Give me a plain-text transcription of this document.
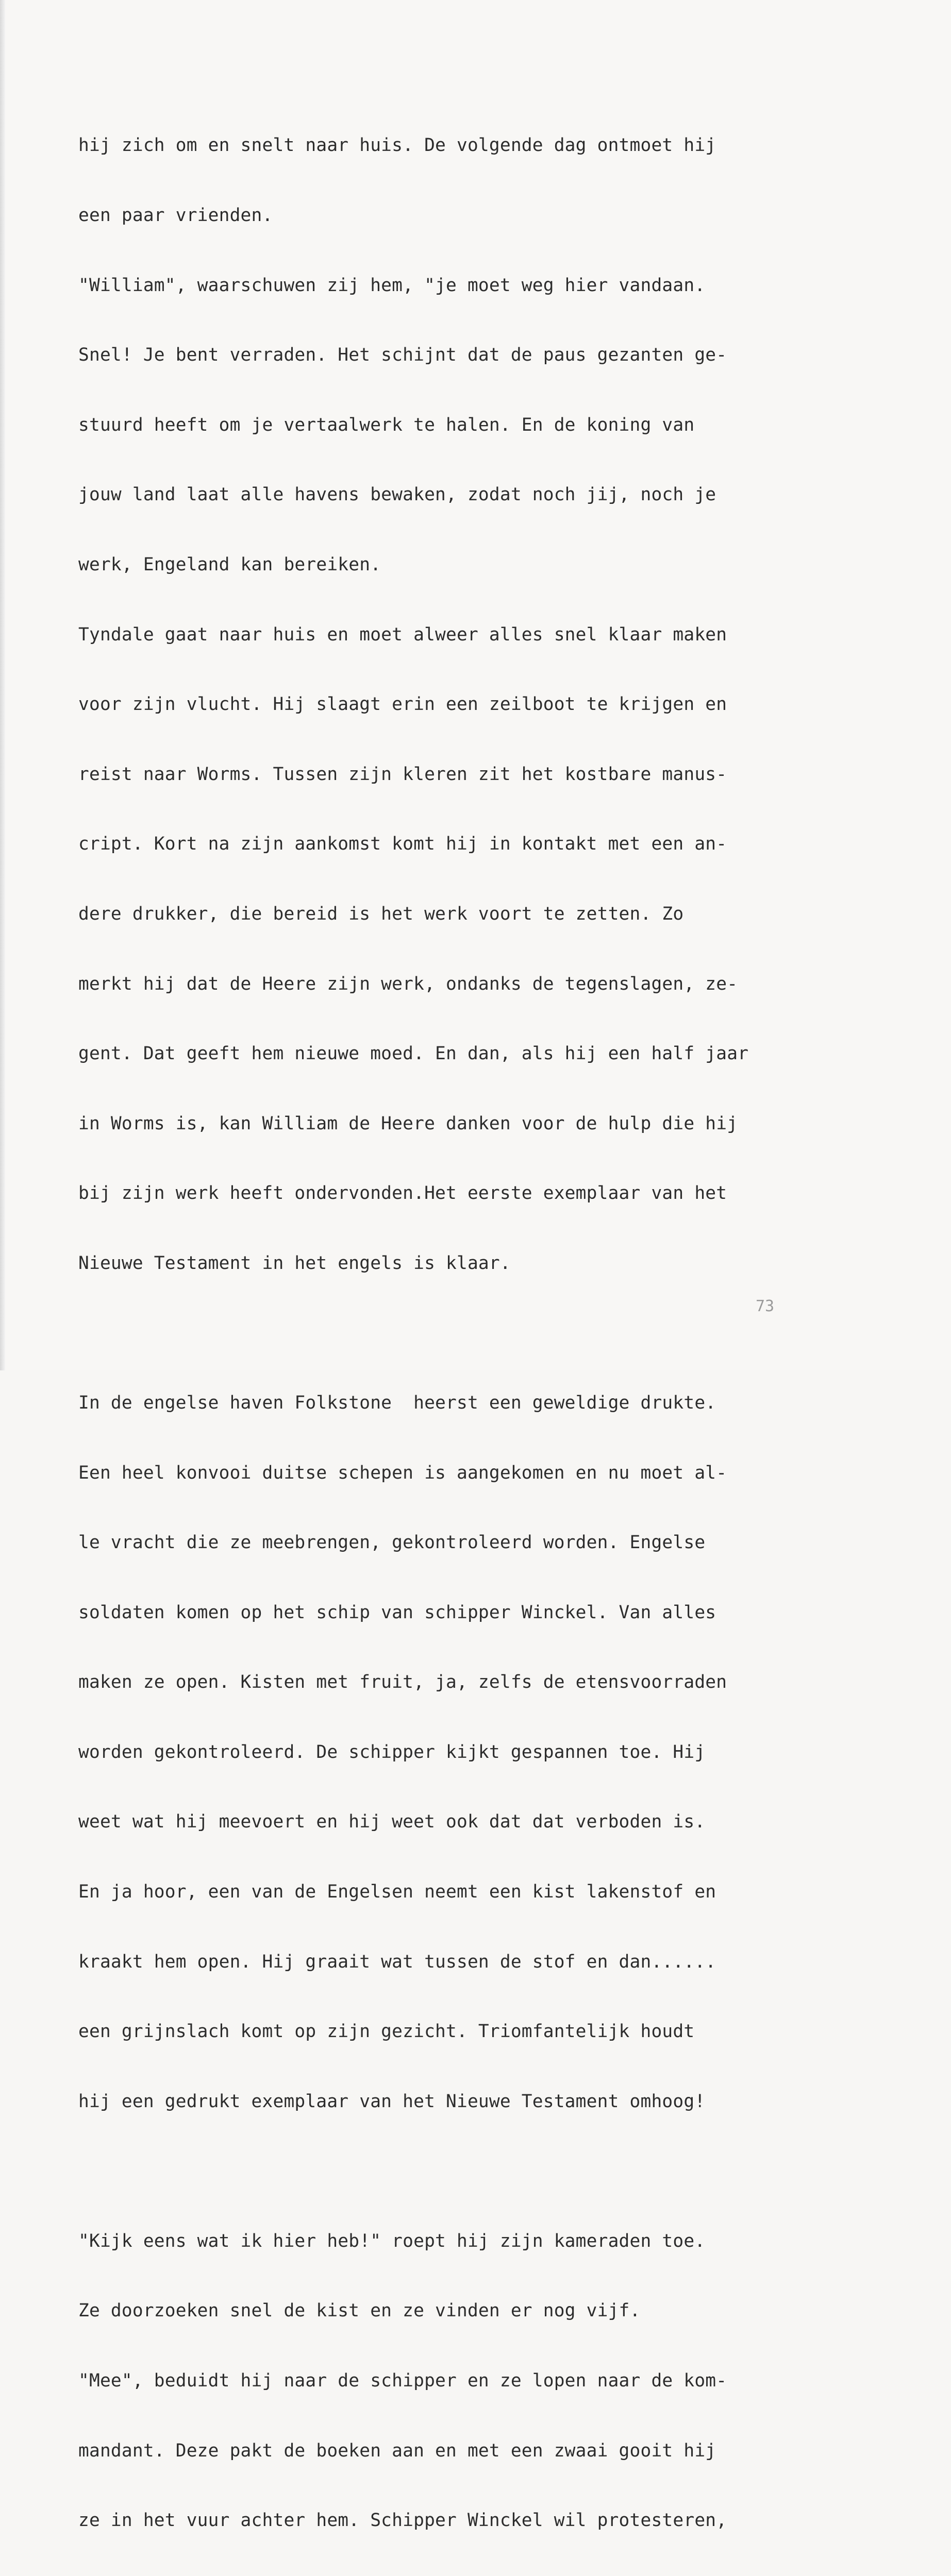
hij zich om en snelt naar huis. De volgende dag ontmoet hij

een paar vrienden.

"William", waarschuwen zij hem, "je moet weg hier vandaan.

Snel! Je bent verraden. Het schijnt dat de paus gezanten ge-

stuurd heeft om je vertaalwerk te halen. En de koning van

jouw land laat alle havens bewaken, zodat noch jij, noch je

werk, Engeland kan bereiken.

Tyndale gaat naar huis en moet alweer alles snel klaar maken

voor zijn vlucht. Hij slaagt erin een zeilboot te krijgen en

reist naar Worms. Tussen zijn kleren zit het kostbare manus-

cript. Kort na zijn aankomst komt hij in kontakt met een an-

dere drukker, die bereid is het werk voort te zetten. Zo

merkt hij dat de Heere zijn werk, ondanks de tegenslagen, ze-

gent. Dat geeft hem nieuwe moed. En dan, als hij een half jaar

in Worms is, kan William de Heere danken voor de hulp die hij

bij zijn werk heeft ondervonden.Het eerste exemplaar van het

Nieuwe Testament in het engels is klaar.

In de engelse haven Folkstone  heerst een geweldige drukte.

Een heel konvooi duitse schepen is aangekomen en nu moet al-

le vracht die ze meebrengen, gekontroleerd worden. Engelse

soldaten komen op het schip van schipper Winckel. Van alles

maken ze open. Kisten met fruit, ja, zelfs de etensvoorraden

worden gekontroleerd. De schipper kijkt gespannen toe. Hij

weet wat hij meevoert en hij weet ook dat dat verboden is.

En ja hoor, een van de Engelsen neemt een kist lakenstof en

kraakt hem open. Hij graait wat tussen de stof en dan......

een grijnslach komt op zijn gezicht. Triomfantelijk houdt

hij een gedrukt exemplaar van het Nieuwe Testament omhoog!

"Kijk eens wat ik hier heb!" roept hij zijn kameraden toe.

Ze doorzoeken snel de kist en ze vinden er nog vijf.

"Mee", beduidt hij naar de schipper en ze lopen naar de kom-

mandant. Deze pakt de boeken aan en met een zwaai gooit hij

ze in het vuur achter hem. Schipper Winckel wil protesteren,

73
